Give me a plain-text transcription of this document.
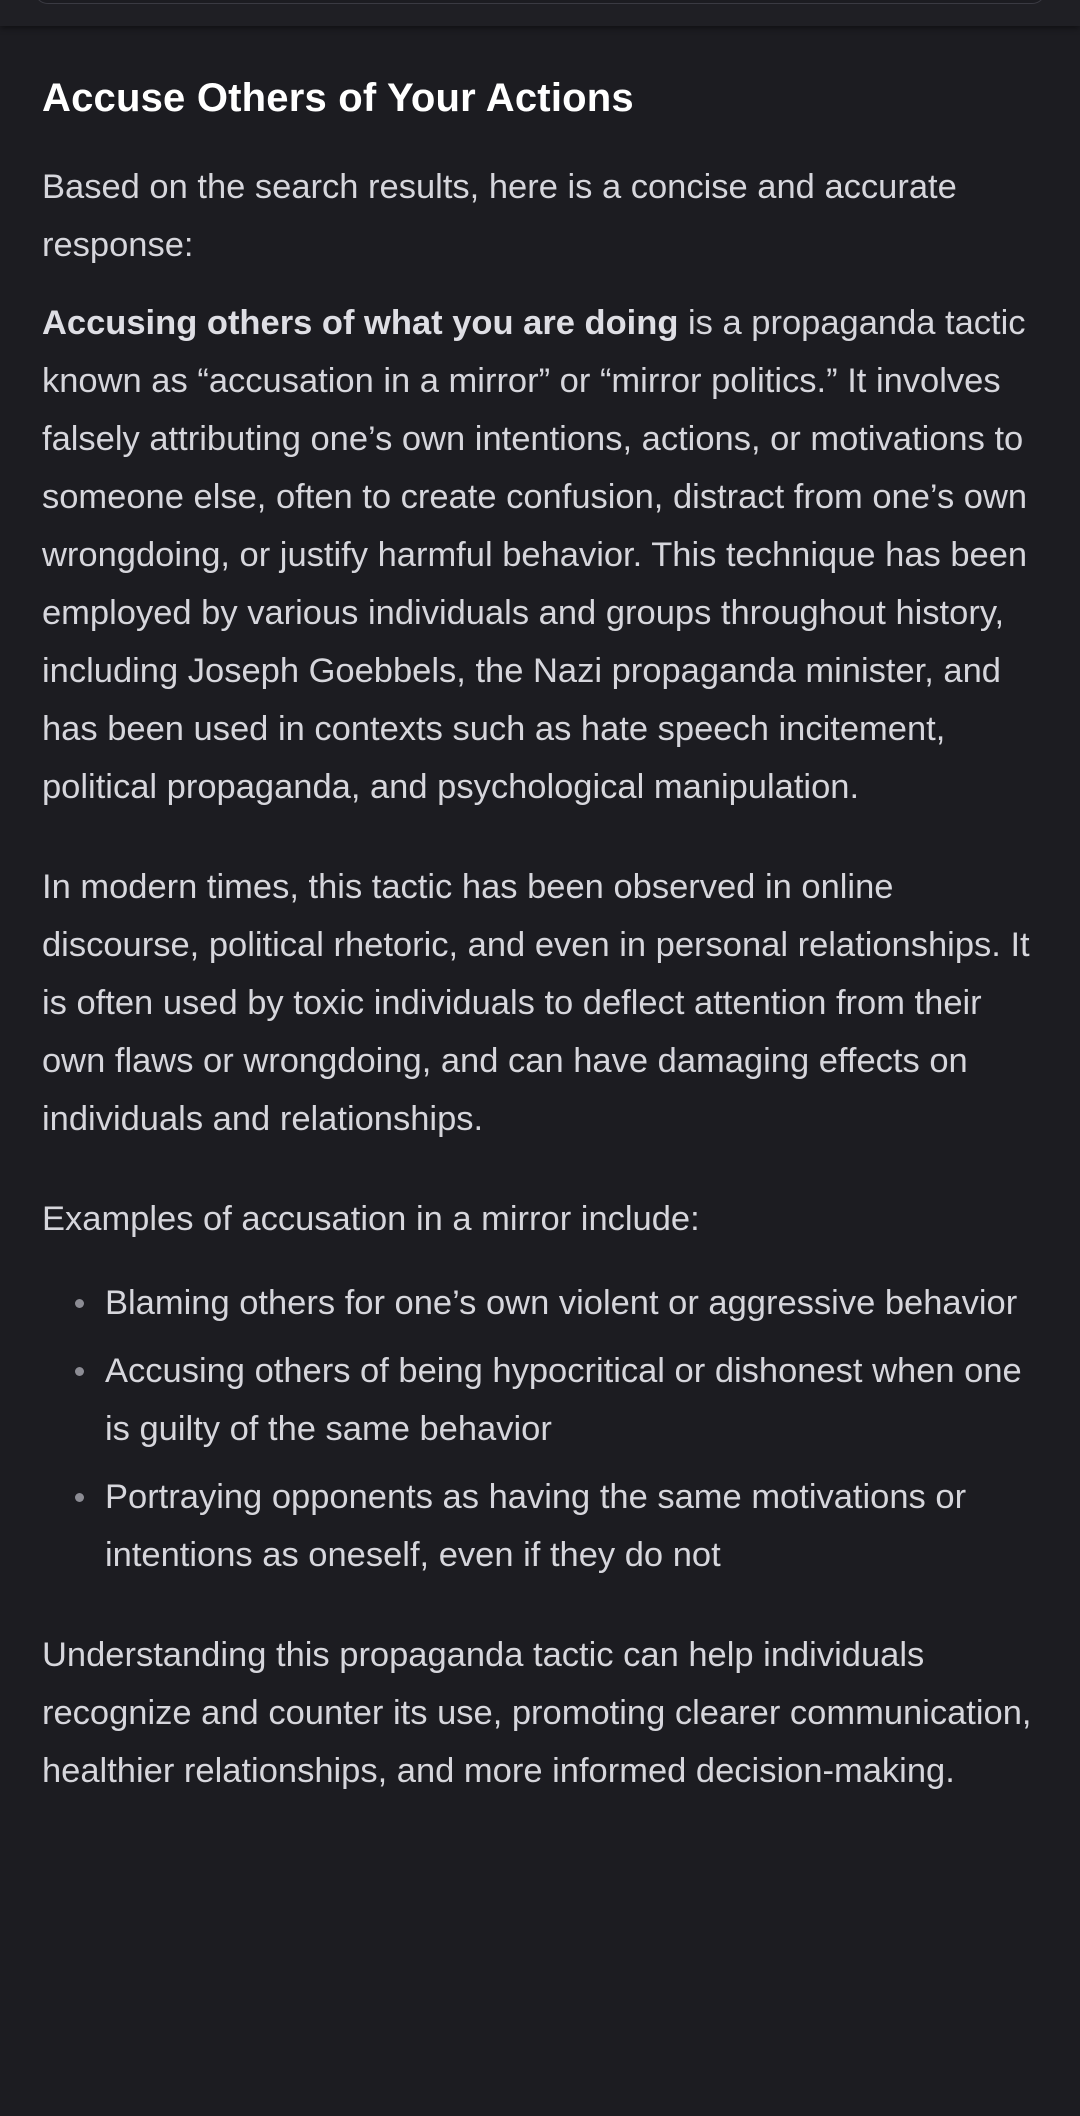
Accuse Others of Your Actions

Based on the search results, here is a concise and accurate response:

Accusing others of what you are doing is a propaganda tactic known as “accusation in a mirror” or “mirror politics.” It involves falsely attributing one’s own intentions, actions, or motivations to someone else, often to create confusion, distract from one’s own wrongdoing, or justify harmful behavior. This technique has been employed by various individuals and groups throughout history, including Joseph Goebbels, the Nazi propaganda minister, and has been used in contexts such as hate speech incitement, political propaganda, and psychological manipulation.

In modern times, this tactic has been observed in online discourse, political rhetoric, and even in personal relationships. It is often used by toxic individuals to deflect attention from their own flaws or wrongdoing, and can have damaging effects on individuals and relationships.

Examples of accusation in a mirror include:

Blaming others for one’s own violent or aggressive behavior
Accusing others of being hypocritical or dishonest when one is guilty of the same behavior
Portraying opponents as having the same motivations or intentions as oneself, even if they do not

Understanding this propaganda tactic can help individuals recognize and counter its use, promoting clearer communication, healthier relationships, and more informed decision-making.
